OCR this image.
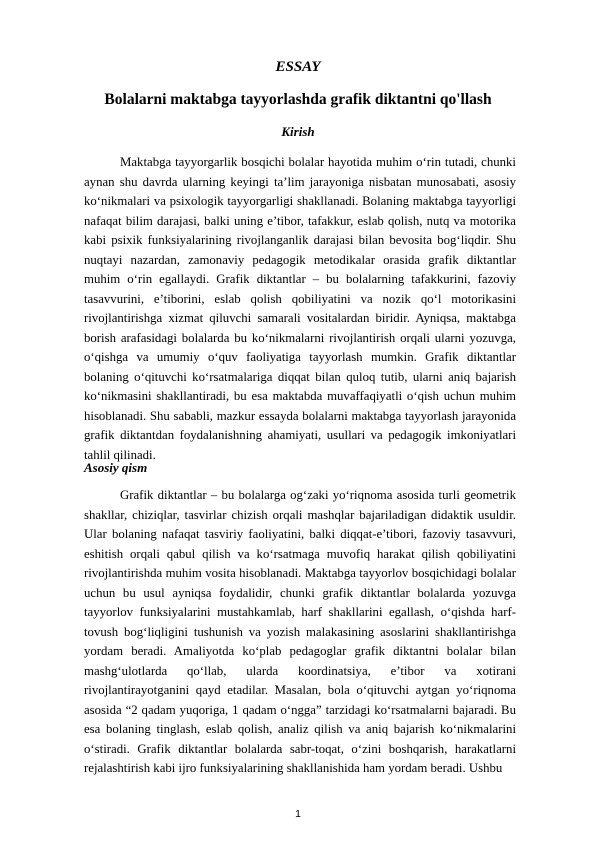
ESSAY
Bolalarni maktabga tayyorlashda grafik diktantni qo'llash
Kirish

Maktabga tayyorgarlik bosqichi bolalar hayotida muhim o‘rin tutadi, chunki aynan shu davrda ularning keyingi ta’lim jarayoniga nisbatan munosabati, asosiy ko‘nikmalari va psixologik tayyorgarligi shakllanadi. Bolaning maktabga tayyorligi nafaqat bilim darajasi, balki uning e’tibor, tafakkur, eslab qolish, nutq va motorika kabi psixik funksiyalarining rivojlanganlik darajasi bilan bevosita bog‘liqdir. Shu nuqtayi nazardan, zamonaviy pedagogik metodikalar orasida grafik diktantlar muhim o‘rin egallaydi. Grafik diktantlar – bu bolalarning tafakkurini, fazoviy tasavvurini, e’tiborini, eslab qolish qobiliyatini va nozik qo‘l motorikasini rivojlantirishga xizmat qiluvchi samarali vositalardan biridir. Ayniqsa, maktabga borish arafasidagi bolalarda bu ko‘nikmalarni rivojlantirish orqali ularni yozuvga, o‘qishga va umumiy o‘quv faoliyatiga tayyorlash mumkin. Grafik diktantlar bolaning o‘qituvchi ko‘rsatmalariga diqqat bilan quloq tutib, ularni aniq bajarish ko‘nikmasini shakllantiradi, bu esa maktabda muvaffaqiyatli o‘qish uchun muhim hisoblanadi. Shu sababli, mazkur essayda bolalarni maktabga tayyorlash jarayonida grafik diktantdan foydalanishning ahamiyati, usullari va pedagogik imkoniyatlari tahlil qilinadi.

Asosiy qism

Grafik diktantlar – bu bolalarga og‘zaki yo‘riqnoma asosida turli geometrik shakllar, chiziqlar, tasvirlar chizish orqali mashqlar bajariladigan didaktik usuldir. Ular bolaning nafaqat tasviriy faoliyatini, balki diqqat-e’tibori, fazoviy tasavvuri, eshitish orqali qabul qilish va ko‘rsatmaga muvofiq harakat qilish qobiliyatini rivojlantirishda muhim vosita hisoblanadi. Maktabga tayyorlov bosqichidagi bolalar uchun bu usul ayniqsa foydalidir, chunki grafik diktantlar bolalarda yozuvga tayyorlov funksiyalarini mustahkamlab, harf shakllarini egallash, o‘qishda harf-tovush bog‘liqligini tushunish va yozish malakasining asoslarini shakllantirishga yordam beradi. Amaliyotda ko‘plab pedagoglar grafik diktantni bolalar bilan mashg‘ulotlarda qo‘llab, ularda koordinatsiya, e’tibor va xotirani rivojlantirayotganini qayd etadilar. Masalan, bola o‘qituvchi aytgan yo‘riqnoma asosida “2 qadam yuqoriga, 1 qadam o‘ngga” tarzidagi ko‘rsatmalarni bajaradi. Bu esa bolaning tinglash, eslab qolish, analiz qilish va aniq bajarish ko‘nikmalarini o‘stiradi. Grafik diktantlar bolalarda sabr-toqat, o‘zini boshqarish, harakatlarni rejalashtirish kabi ijro funksiyalarining shakllanishida ham yordam beradi. Ushbu

1
